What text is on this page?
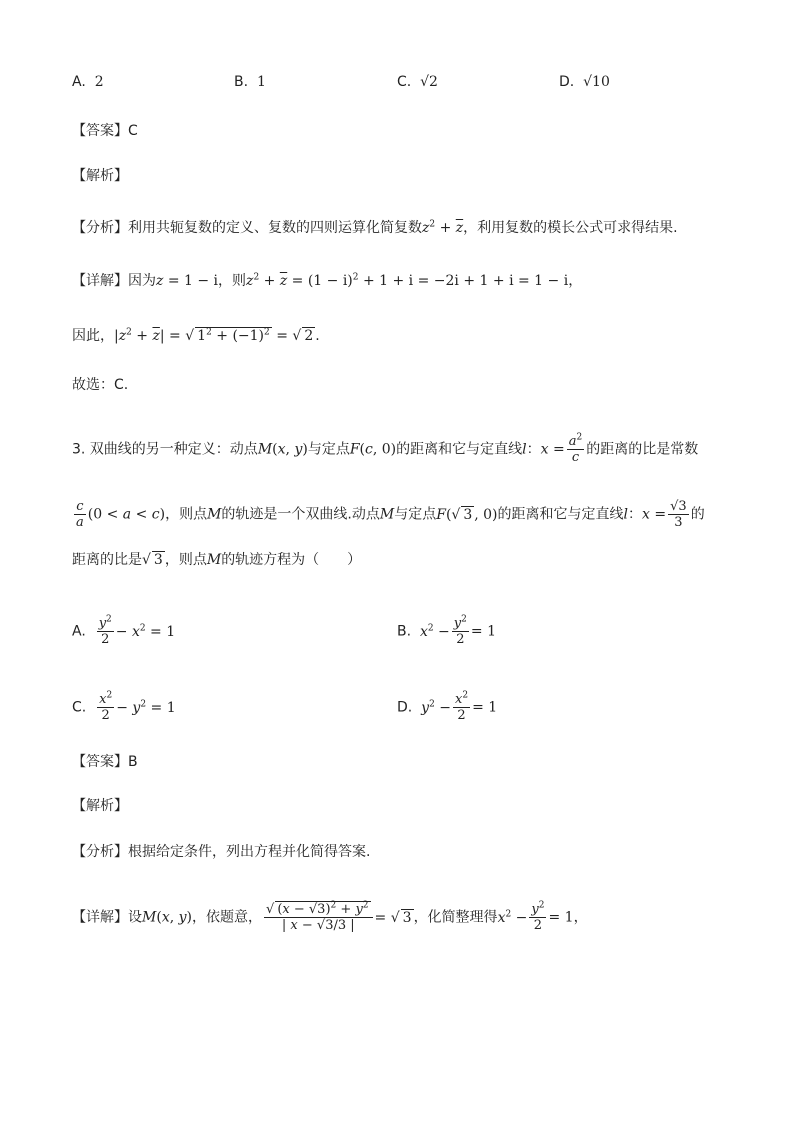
A. 2	B. 1	C. √2	D. √10
【答案】C
【解析】
【分析】利用共轭复数的定义、复数的四则运算化简复数$z^2 + \overline{z}$，利用复数的模长公式可求得结果.
【详解】因为z = 1 − i，则$z^2 + \overline{z} = (1 - i)^2 + 1 + i = -2i + 1 + i = 1 - i$，
因此，$|z^2 + \overline{z}|$ = √ $1^2 + (-1)^2$ = √ 2 .
故选：C.
3. 双曲线的另一种定义：动点M(x, y)与定点F(c, 0)的距离和它与定直线l：$x = \frac{a^2}{c}$ 的距离的比是常数
$\frac{c}{a} (0 < a < c)$，则点M的轨迹是一个双曲线.动点M与定点F(√ 3 , 0)的距离和它与定直线l：$x = \frac{√3}{3}$ 的
距离的比是√ 3 ，则点M的轨迹方程为（　　）
A. $\frac{y^2}{2} - x^2 = 1$	B. $x^2 - \frac{y^2}{2} = 1$
C. $\frac{x^2}{2} - y^2 = 1$	D. $y^2 - \frac{x^2}{2} = 1$
【答案】B
【解析】
【分析】根据给定条件，列出方程并化简得答案.
【详解】设M(x, y)，依题意， $\frac{√ (x - √3)^2 + y^2}{| x - √3/3 |}$ = √ 3 ，化简整理得$x^2 - \frac{y^2}{2} = 1$，
